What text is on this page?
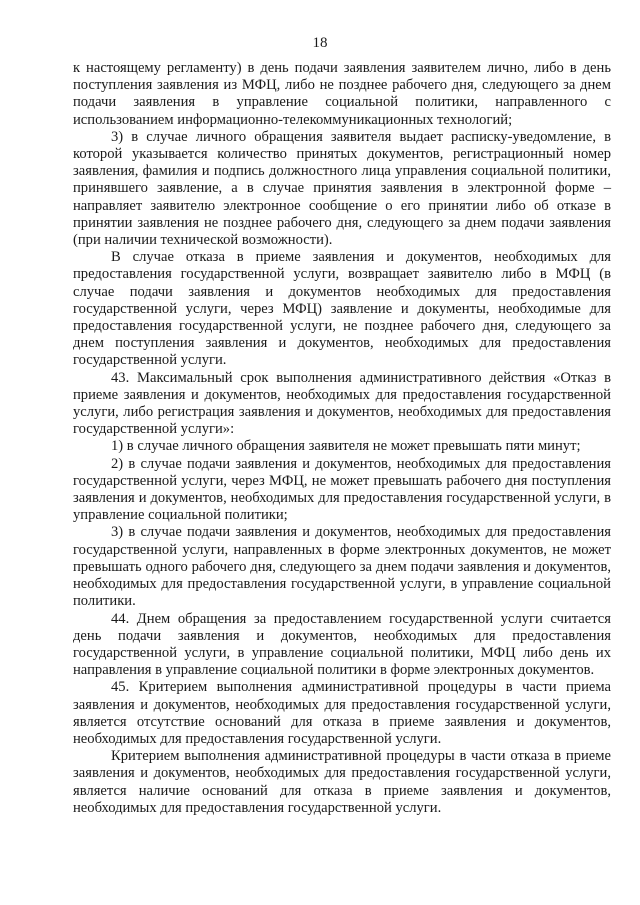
18

к настоящему регламенту) в день подачи заявления заявителем лично, либо в день поступления заявления из МФЦ, либо не позднее рабочего дня, следующего за днем подачи заявления в управление социальной политики, направленного с использованием информационно-телекоммуникационных технологий;

3) в случае личного обращения заявителя выдает расписку-уведомление, в которой указывается количество принятых документов, регистрационный номер заявления, фамилия и подпись должностного лица управления социальной политики, принявшего заявление, а в случае принятия заявления в электронной форме – направляет заявителю электронное сообщение о его принятии либо об отказе в принятии заявления не позднее рабочего дня, следующего за днем подачи заявления (при наличии технической возможности).

В случае отказа в приеме заявления и документов, необходимых для предоставления государственной услуги, возвращает заявителю либо в МФЦ (в случае подачи заявления и документов необходимых для предоставления государственной услуги, через МФЦ) заявление и документы, необходимые для предоставления государственной услуги, не позднее рабочего дня, следующего за днем поступления заявления и документов, необходимых для предоставления государственной услуги.

43. Максимальный срок выполнения административного действия «Отказ в приеме заявления и документов, необходимых для предоставления государственной услуги, либо регистрация заявления и документов, необходимых для предоставления государственной услуги»:

1) в случае личного обращения заявителя не может превышать пяти минут;

2) в случае подачи заявления и документов, необходимых для предоставления государственной услуги, через МФЦ, не может превышать рабочего дня поступления заявления и документов, необходимых для предоставления государственной услуги, в управление социальной политики;

3) в случае подачи заявления и документов, необходимых для предоставления государственной услуги, направленных в форме электронных документов, не может превышать одного рабочего дня, следующего за днем подачи заявления и документов, необходимых для предоставления государственной услуги, в управление социальной политики.

44. Днем обращения за предоставлением государственной услуги считается день подачи заявления и документов, необходимых для предоставления государственной услуги, в управление социальной политики, МФЦ либо день их направления в управление социальной политики в форме электронных документов.

45. Критерием выполнения административной процедуры в части приема заявления и документов, необходимых для предоставления государственной услуги, является отсутствие оснований для отказа в приеме заявления и документов, необходимых для предоставления государственной услуги.

Критерием выполнения административной процедуры в части отказа в приеме заявления и документов, необходимых для предоставления государственной услуги, является наличие оснований для отказа в приеме заявления и документов, необходимых для предоставления государственной услуги.
